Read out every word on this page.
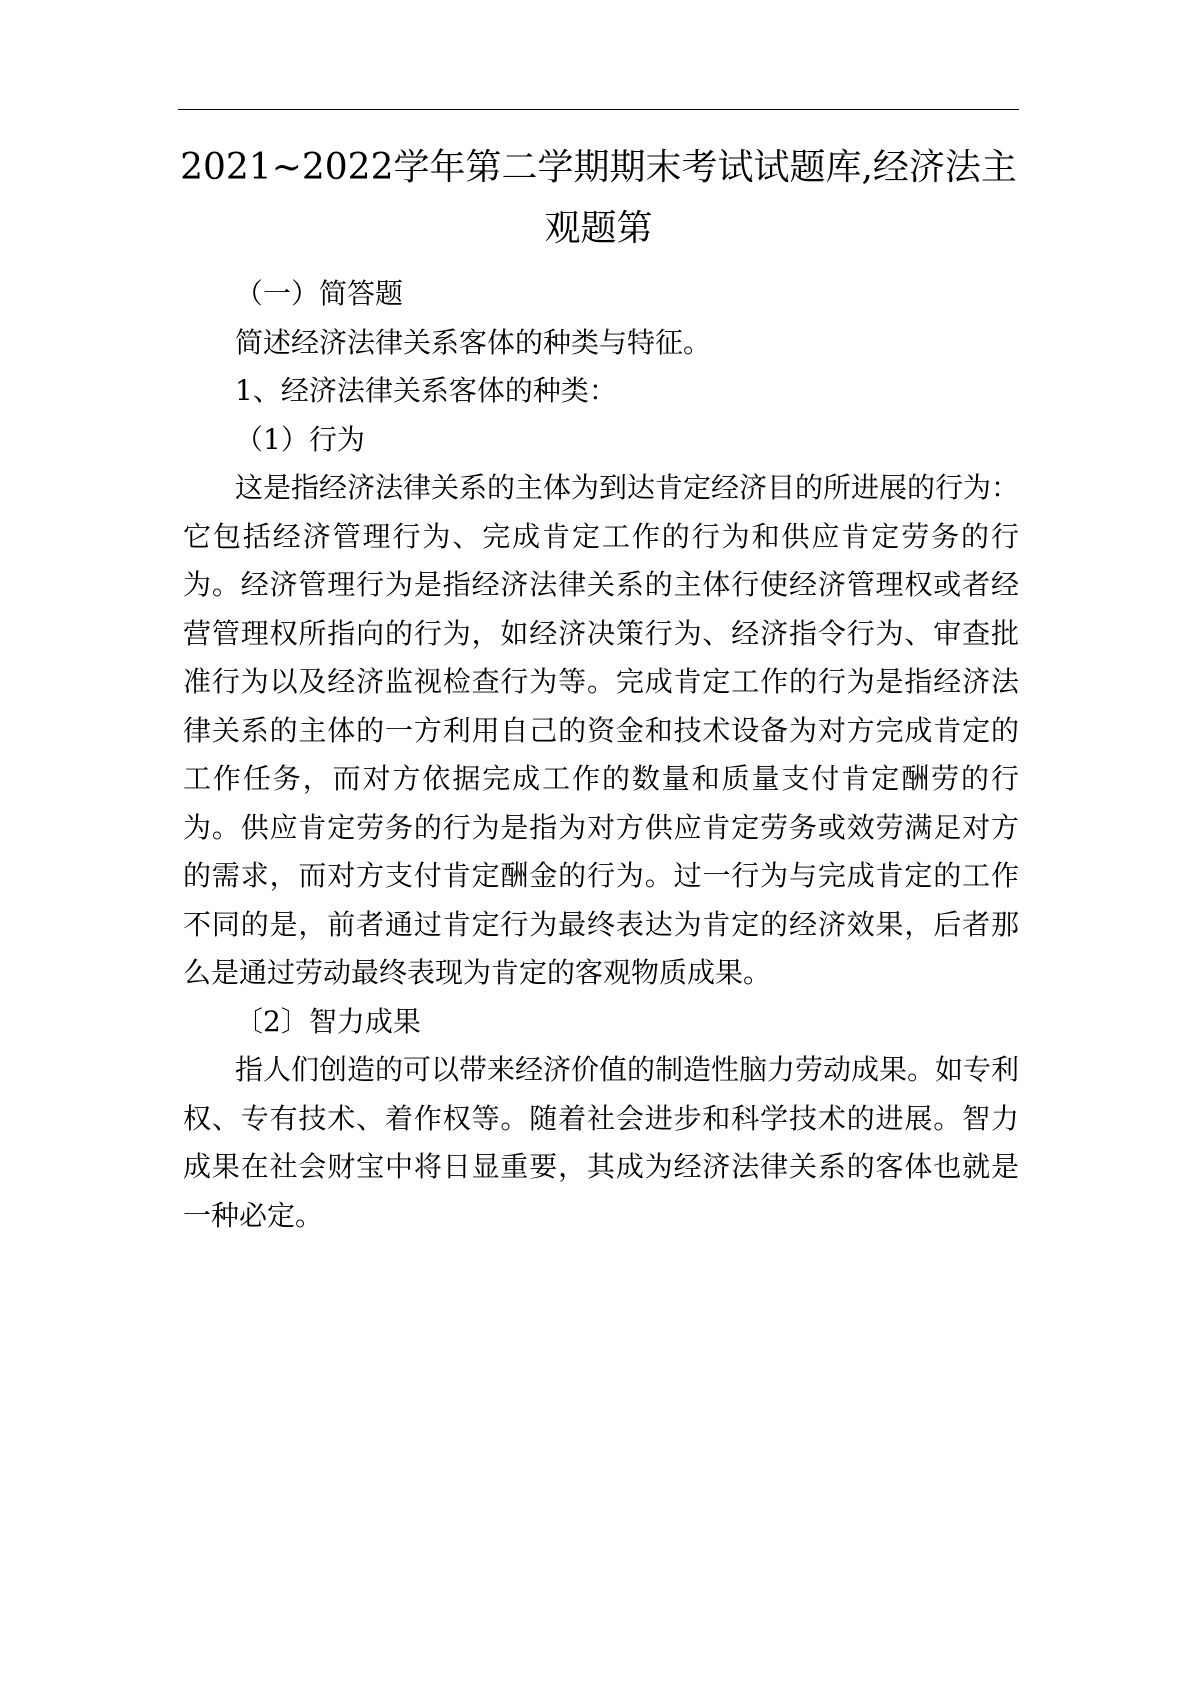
2021~2022学年第二学期期末考试试题库,经济法主观题第

（一）简答题

简述经济法律关系客体的种类与特征。

1、经济法律关系客体的种类：

（1）行为

这是指经济法律关系的主体为到达肯定经济目的所进展的行为：它包括经济管理行为、完成肯定工作的行为和供应肯定劳务的行为。经济管理行为是指经济法律关系的主体行使经济管理权或者经营管理权所指向的行为，如经济决策行为、经济指令行为、审查批准行为以及经济监视检查行为等。完成肯定工作的行为是指经济法律关系的主体的一方利用自己的资金和技术设备为对方完成肯定的工作任务，而对方依据完成工作的数量和质量支付肯定酬劳的行为。供应肯定劳务的行为是指为对方供应肯定劳务或效劳满足对方的需求，而对方支付肯定酬金的行为。过一行为与完成肯定的工作不同的是，前者通过肯定行为最终表达为肯定的经济效果，后者那么是通过劳动最终表现为肯定的客观物质成果。

〔2〕智力成果

指人们创造的可以带来经济价值的制造性脑力劳动成果。如专利权、专有技术、着作权等。随着社会进步和科学技术的进展。智力成果在社会财宝中将日显重要，其成为经济法律关系的客体也就是一种必定。
